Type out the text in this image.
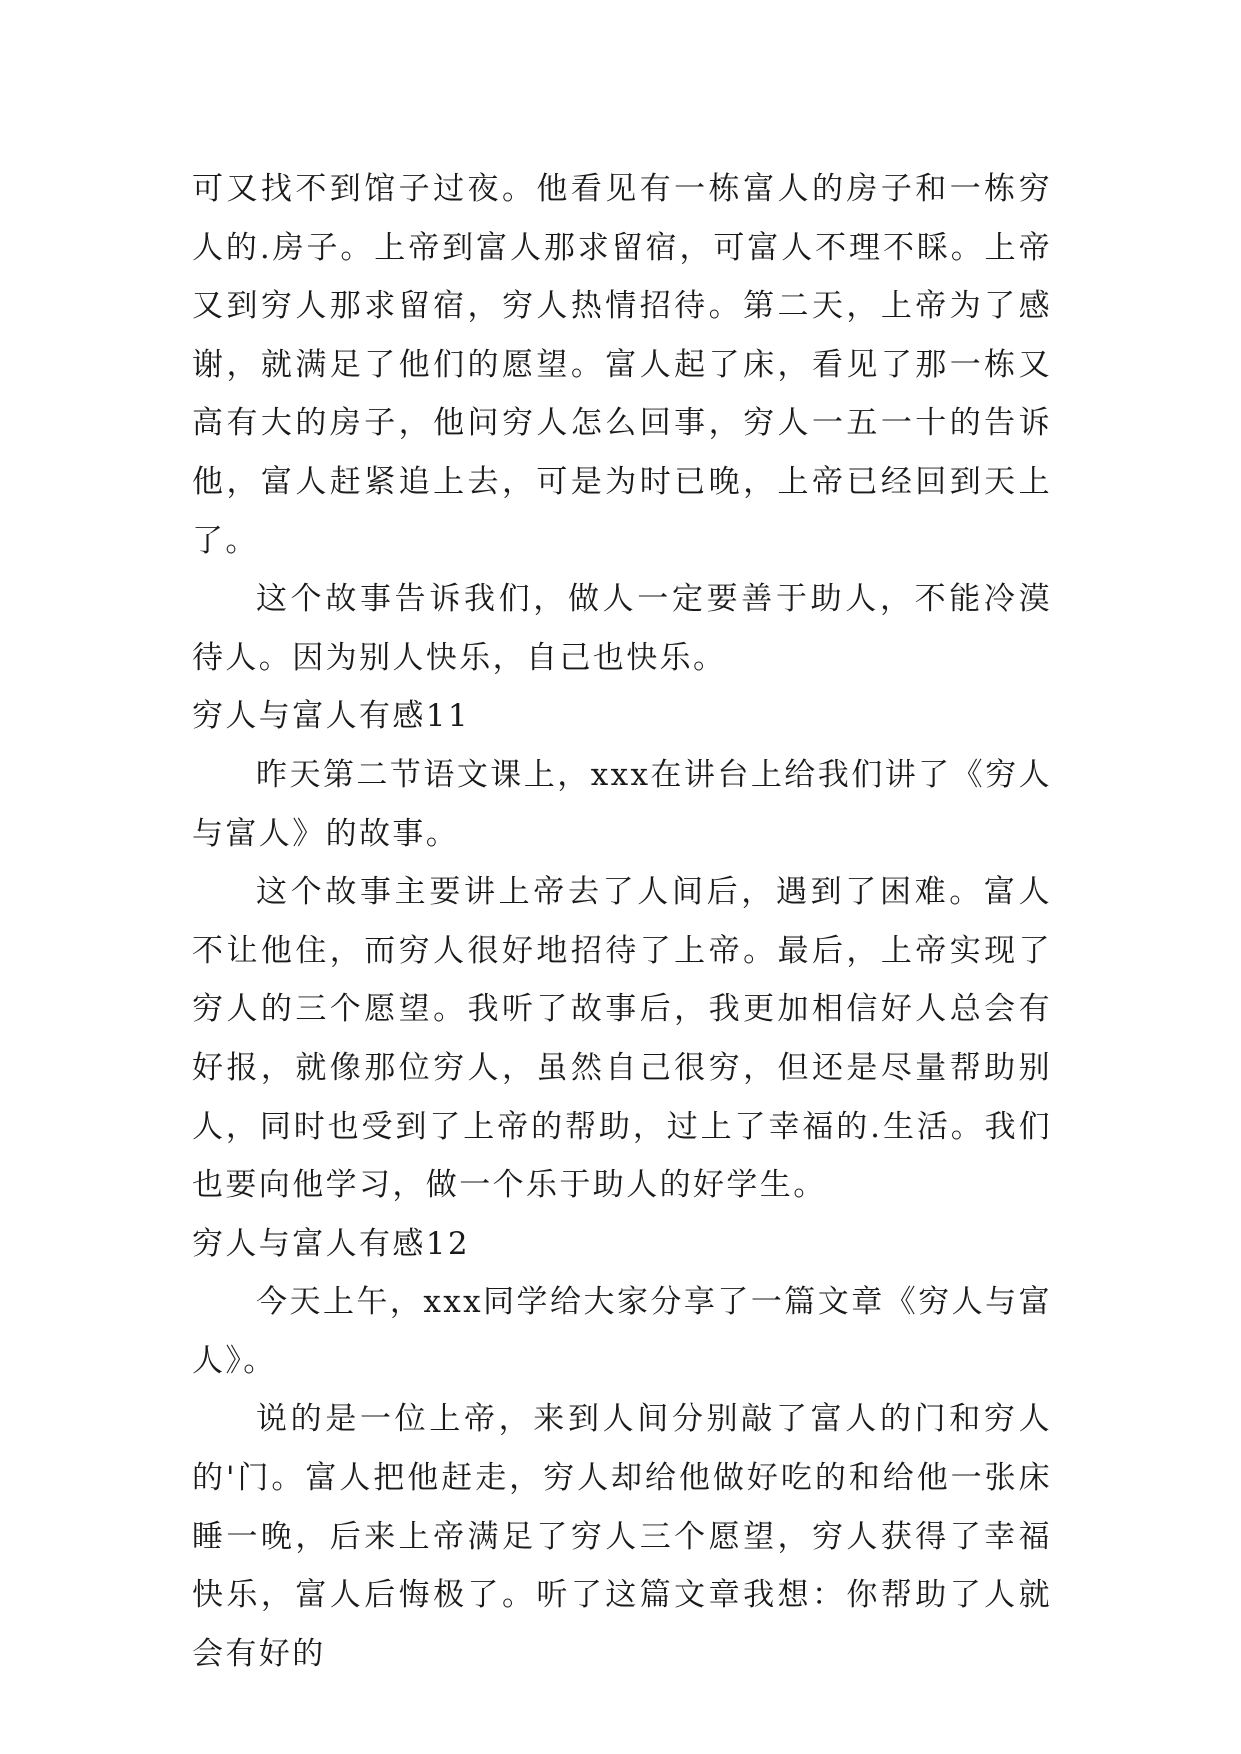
可又找不到馆子过夜。他看见有一栋富人的房子和一栋穷人的.房子。上帝到富人那求留宿，可富人不理不睬。上帝又到穷人那求留宿，穷人热情招待。第二天，上帝为了感谢，就满足了他们的愿望。富人起了床，看见了那一栋又高有大的房子，他问穷人怎么回事，穷人一五一十的告诉他，富人赶紧追上去，可是为时已晚，上帝已经回到天上了。

这个故事告诉我们，做人一定要善于助人，不能冷漠待人。因为别人快乐，自己也快乐。

穷人与富人有感11

昨天第二节语文课上，xxx在讲台上给我们讲了《穷人与富人》的故事。

这个故事主要讲上帝去了人间后，遇到了困难。富人不让他住，而穷人很好地招待了上帝。最后，上帝实现了穷人的三个愿望。我听了故事后，我更加相信好人总会有好报，就像那位穷人，虽然自己很穷，但还是尽量帮助别人，同时也受到了上帝的帮助，过上了幸福的.生活。我们也要向他学习，做一个乐于助人的好学生。

穷人与富人有感12

今天上午，xxx同学给大家分享了一篇文章《穷人与富人》。

说的是一位上帝，来到人间分别敲了富人的门和穷人的'门。富人把他赶走，穷人却给他做好吃的和给他一张床睡一晚，后来上帝满足了穷人三个愿望，穷人获得了幸福快乐，富人后悔极了。听了这篇文章我想：你帮助了人就会有好的
